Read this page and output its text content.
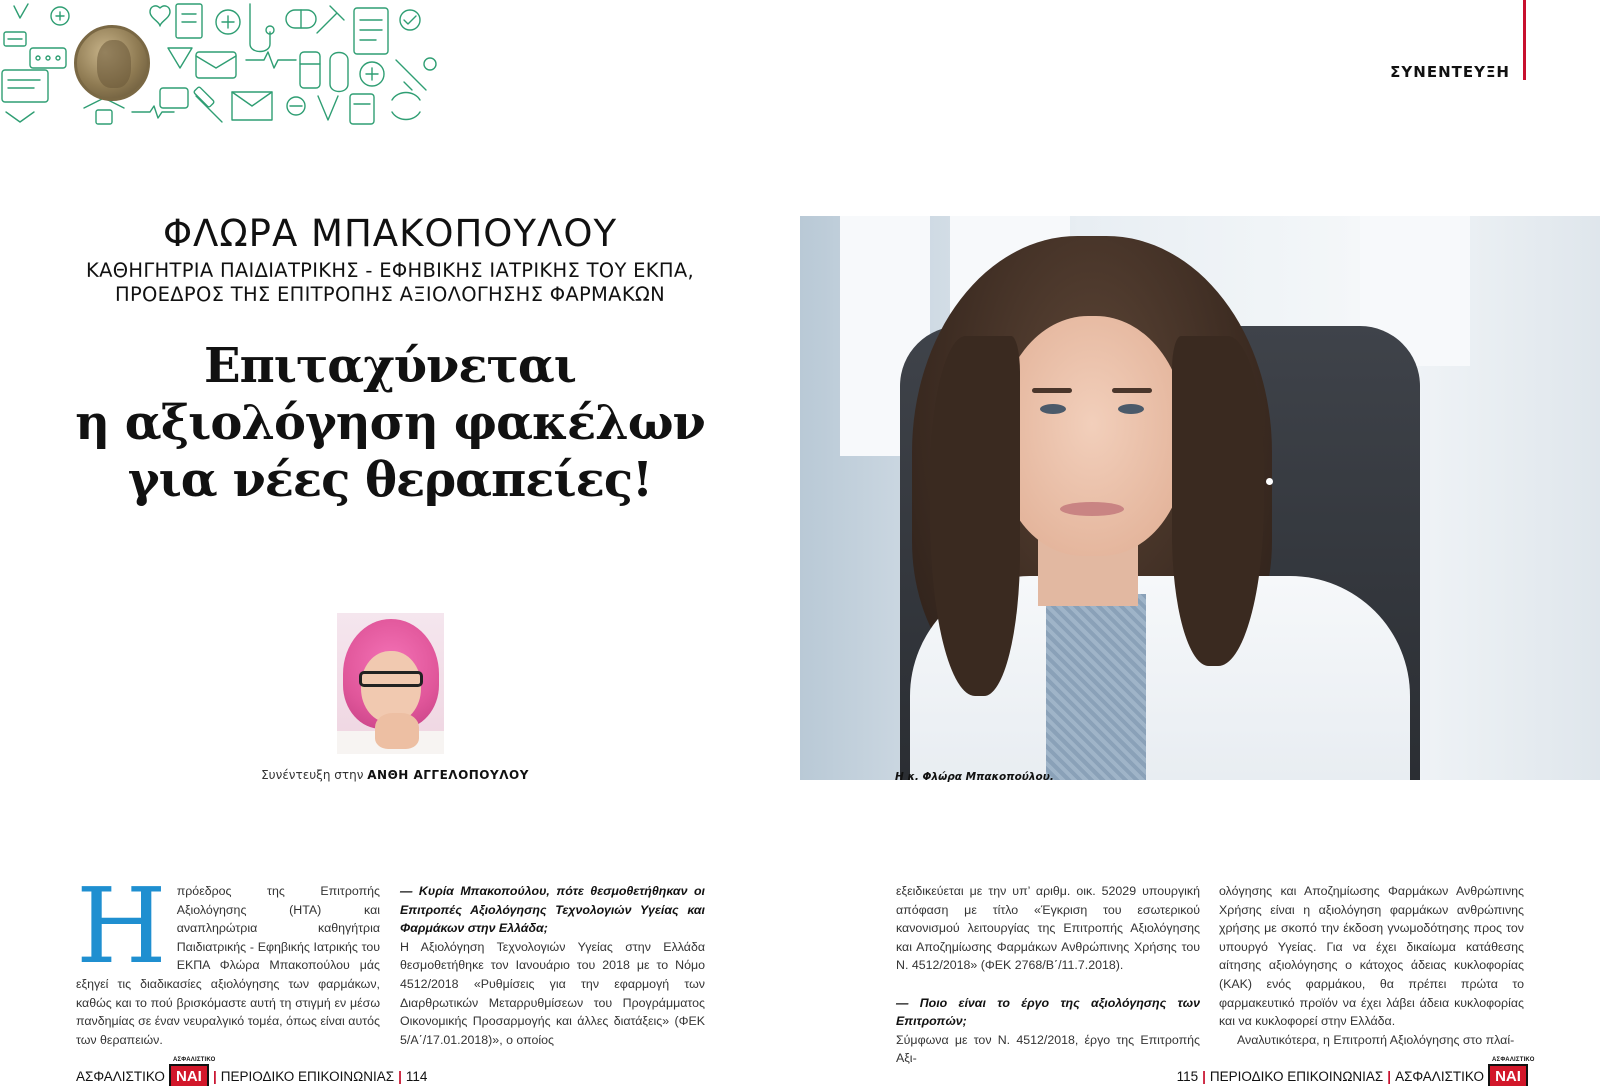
ΣΥΝΕΝΤΕΥΞΗ
ΦΛΩΡΑ ΜΠΑΚΟΠΟΥΛΟΥ
ΚΑΘΗΓΗΤΡΙΑ ΠΑΙΔΙΑΤΡΙΚΗΣ - ΕΦΗΒΙΚΗΣ ΙΑΤΡΙΚΗΣ ΤΟΥ ΕΚΠΑ,
ΠΡΟΕΔΡΟΣ ΤΗΣ ΕΠΙΤΡΟΠΗΣ ΑΞΙΟΛΟΓΗΣΗΣ ΦΑΡΜΑΚΩΝ
Επιταχύνεται
η αξιολόγηση φακέλων
για νέες θεραπείες!
Συνέντευξη στην ΑΝΘΗ ΑΓΓΕΛΟΠΟΥΛΟΥ	Η κ. Φλώρα Μπακοπούλου.
Η πρόεδρος της Επιτροπής Αξιολόγησης (HTA) και αναπληρώτρια καθηγήτρια Παιδιατρικής - Εφηβικής Ιατρικής του ΕΚΠΑ Φλώρα Μπακοπούλου μάς εξηγεί τις διαδικασίες αξιολόγησης των φαρμάκων, καθώς και το πού βρισκόμαστε αυτή τη στιγμή εν μέσω πανδημίας σε έναν νευραλγικό τομέα, όπως είναι αυτός των θεραπειών.

— Κυρία Μπακοπούλου, πότε θεσμοθετήθηκαν οι Επιτροπές Αξιολόγησης Τεχνολογιών Υγείας και Φαρμάκων στην Ελλάδα;

Η Αξιολόγηση Τεχνολογιών Υγείας στην Ελλάδα θεσμοθετήθηκε τον Ιανουάριο του 2018 με το Νόμο 4512/2018 «Ρυθμίσεις για την εφαρμογή των Διαρθρωτικών Μεταρρυθμίσεων του Προγράμματος Οικονομικής Προσαρμογής και άλλες διατάξεις» (ΦΕΚ 5/Α΄/17.01.2018)», ο οποίος

εξειδικεύεται με την υπ’ αριθμ. οικ. 52029 υπουργική απόφαση με τίτλο «Έγκριση του εσωτερικού κανονισμού λειτουργίας της Επιτροπής Αξιολόγησης και Αποζημίωσης Φαρμάκων Ανθρώπινης Χρήσης του Ν. 4512/2018» (ΦΕΚ 2768/Β΄/11.7.2018).

— Ποιο είναι το έργο της αξιολόγησης των Επιτροπών;

Σύμφωνα με τον Ν. 4512/2018, έργο της Επιτροπής Αξι-

ολόγησης και Αποζημίωσης Φαρμάκων Ανθρώπινης Χρήσης είναι η αξιολόγηση φαρμάκων ανθρώπινης χρήσης με σκοπό την έκδοση γνωμοδότησης προς τον υπουργό Υγείας. Για να έχει δικαίωμα κατάθεσης αίτησης αξιολόγησης ο κάτοχος άδειας κυκλοφορίας (ΚΑΚ) ενός φαρμάκου, θα πρέπει πρώτα το φαρμακευτικό προϊόν να έχει λάβει άδεια κυκλοφορίας και να κυκλοφορεί στην Ελλάδα.

Αναλυτικότερα, η Επιτροπή Αξιολόγησης στο πλαί-

ΑΣΦΑΛΙΣΤΙΚΟ
ΑΣΦΑΛΙΣΤΙΚΟ
ΝΑΙ | ΠΕΡΙΟΔΙΚΟ ΕΠΙΚΟΙΝΩΝΙΑΣ | 114	115 | ΠΕΡΙΟΔΙΚΟ ΕΠΙΚΟΙΝΩΝΙΑΣ | ΑΣΦΑΛΙΣΤΙΚΟ
ΑΣΦΑΛΙΣΤΙΚΟ
ΝΑΙ
